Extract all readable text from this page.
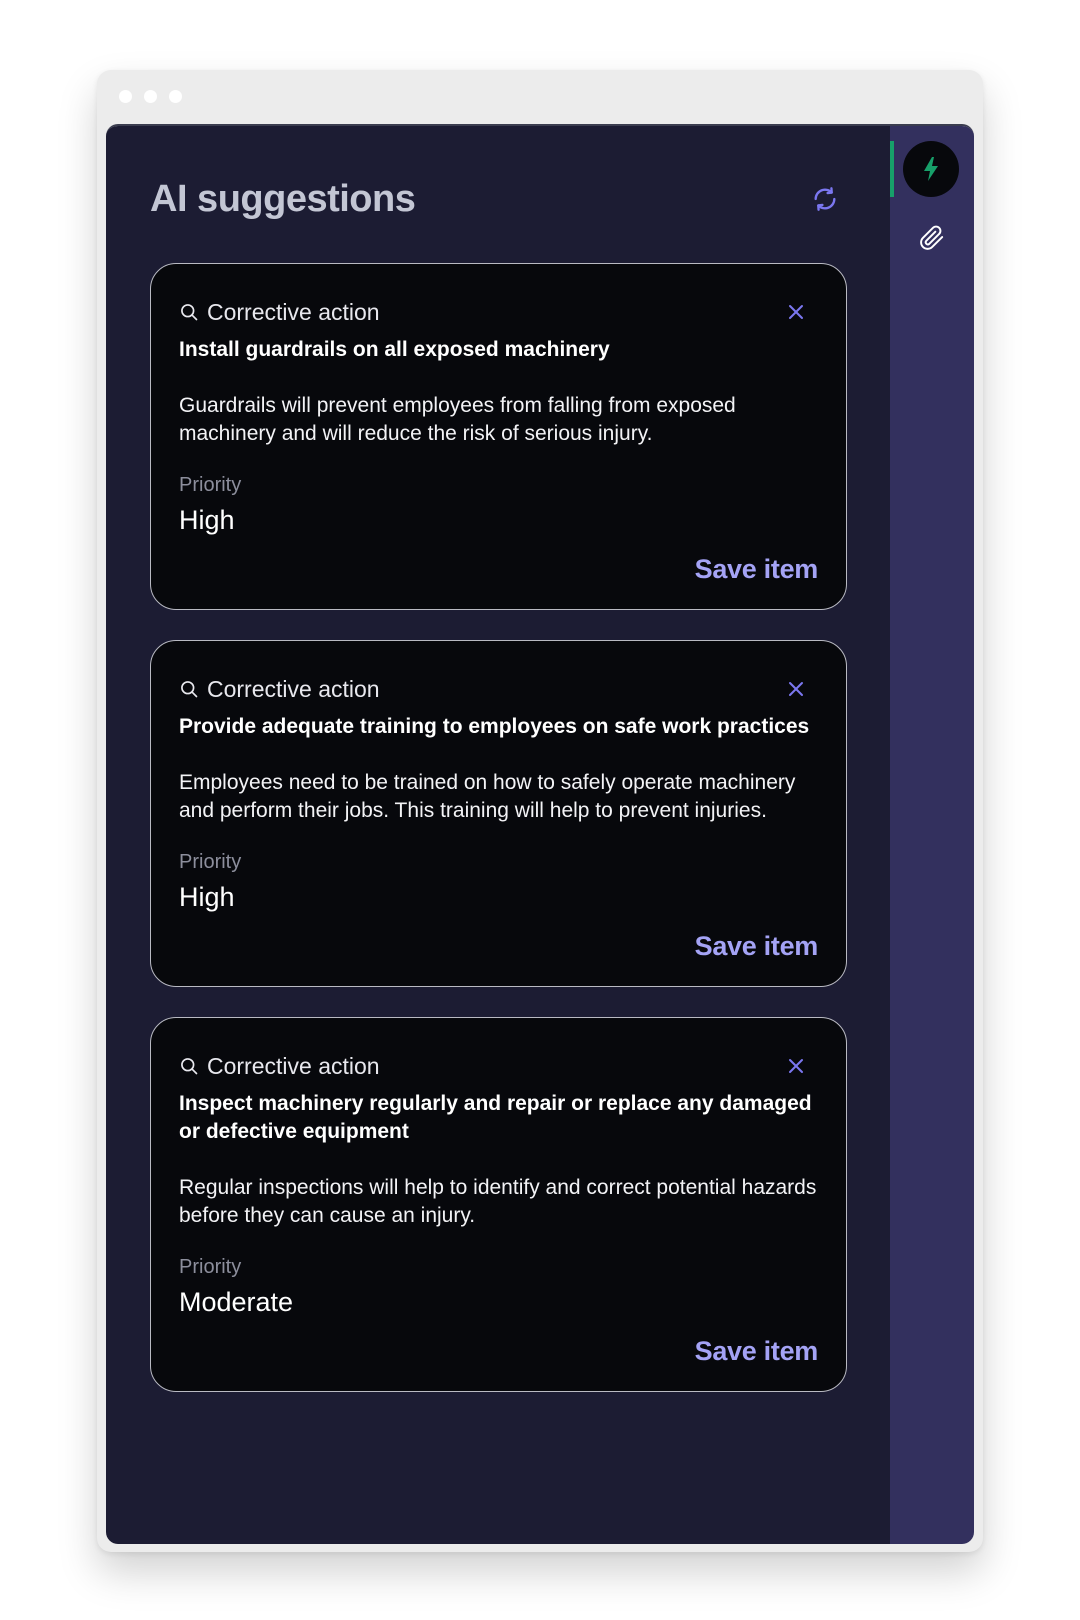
AI suggestions
Corrective action
Install guardrails on all exposed machinery
Guardrails will prevent employees from falling from exposed machinery and will reduce the risk of serious injury.
Priority
High
Save item
Corrective action
Provide adequate training to employees on safe work practices
Employees need to be trained on how to safely operate machinery and perform their jobs. This training will help to prevent injuries.
Priority
High
Save item
Corrective action
Inspect machinery regularly and repair or replace any damaged or defective equipment
Regular inspections will help to identify and correct potential hazards before they can cause an injury.
Priority
Moderate
Save item
